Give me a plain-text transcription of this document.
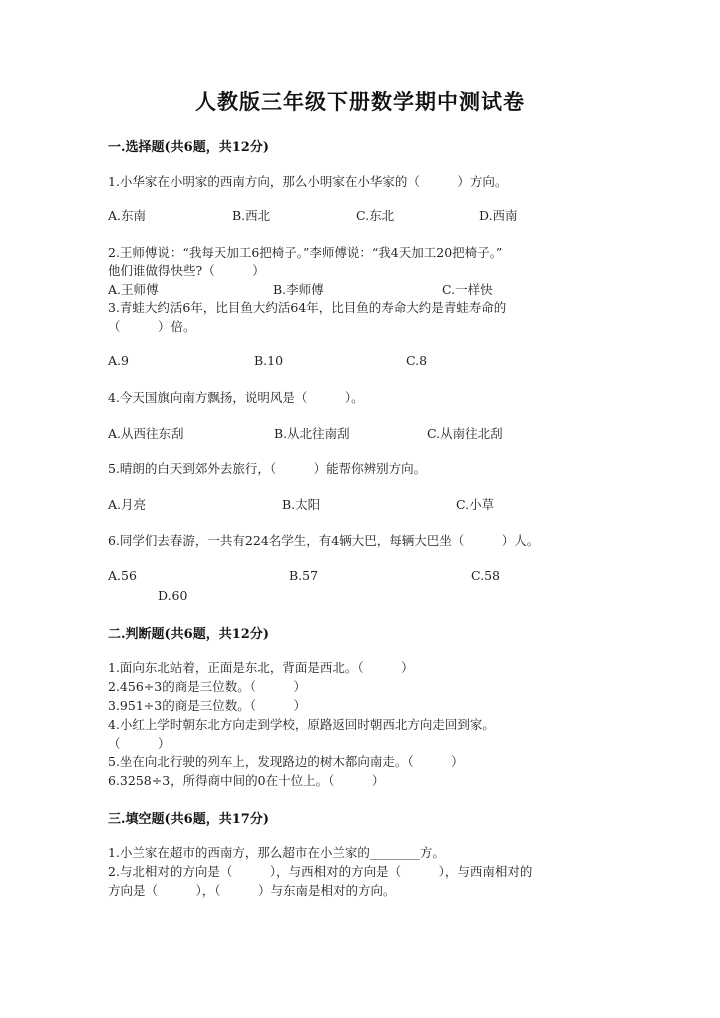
人教版三年级下册数学期中测试卷
一.选择题(共6题，共12分)
1.小华家在小明家的西南方向，那么小明家在小华家的（　　　）方向。
A.东南	B.西北	C.东北	D.西南
2.王师傅说：“我每天加工6把椅子。”李师傅说：“我4天加工20把椅子。”
他们谁做得快些?（　　　）
A.王师傅	B.李师傅	C.一样快
3.青蛙大约活6年，比目鱼大约活64年，比目鱼的寿命大约是青蛙寿命的
（　　　）倍。
A.9	B.10	C.8
4.今天国旗向南方飘扬，说明风是（　　　）。
A.从西往东刮	B.从北往南刮	C.从南往北刮
5.晴朗的白天到郊外去旅行，（　　　）能帮你辨别方向。
A.月亮	B.太阳	C.小草
6.同学们去春游，一共有224名学生，有4辆大巴，每辆大巴坐（　　　）人。
A.56	B.57	C.58
D.60
二.判断题(共6题，共12分)
1.面向东北站着，正面是东北，背面是西北。（　　　）
2.456÷3的商是三位数。（　　　）
3.951÷3的商是三位数。（　　　）
4.小红上学时朝东北方向走到学校，原路返回时朝西北方向走回到家。
（　　　）
5.坐在向北行驶的列车上，发现路边的树木都向南走。（　　　）
6.3258÷3，所得商中间的0在十位上。（　　　）
三.填空题(共6题，共17分)
1.小兰家在超市的西南方，那么超市在小兰家的________方。
2.与北相对的方向是（　　　），与西相对的方向是（　　　），与西南相对的
方向是（　　　），（　　　）与东南是相对的方向。
